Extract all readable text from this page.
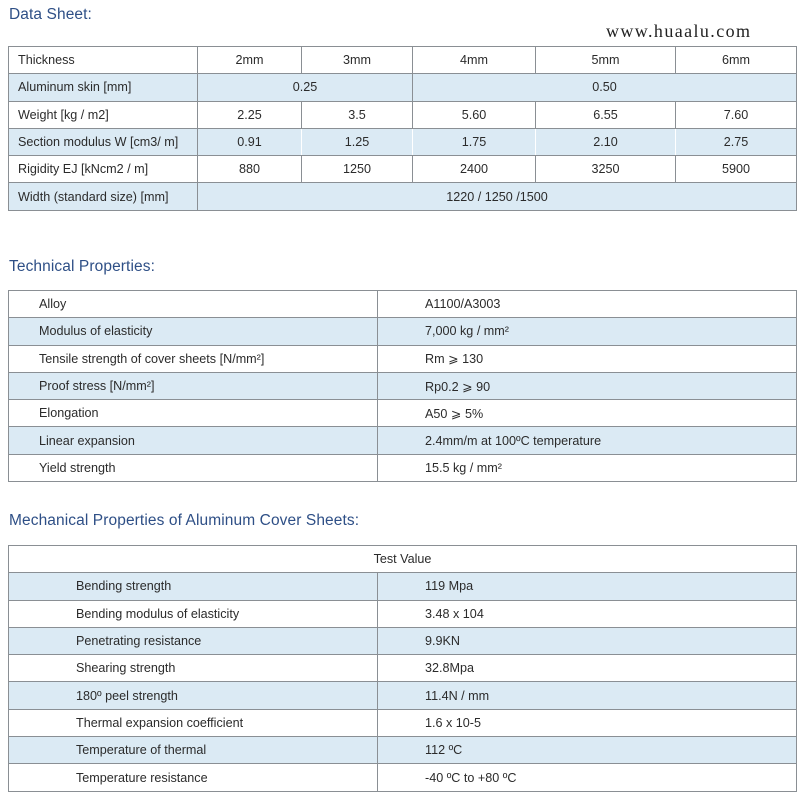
Data Sheet:
www.huaalu.com
Thickness	2mm	3mm	4mm	5mm	6mm
Aluminum skin [mm]	0.25		0.50		
Weight [kg / m2]	2.25	3.5	5.60	6.55	7.60
Section modulus W [cm3/ m]	0.91	1.25	1.75	2.10	2.75
Rigidity EJ [kNcm2 / m]	880	1250	2400	3250	5900
Width (standard size) [mm]	1220 / 1250 /1500				
Technical Properties:
Alloy	A1100/A3003
Modulus of elasticity	7,000 kg / mm²
Tensile strength of cover sheets [N/mm²]	Rm ⩾ 130
Proof stress [N/mm²]	Rp0.2 ⩾ 90
Elongation	A50 ⩾ 5%
Linear expansion	2.4mm/m at 100ºC temperature
Yield strength	15.5 kg / mm²
Mechanical Properties of Aluminum Cover Sheets:
Test Value	
Bending strength	119 Mpa
Bending modulus of elasticity	3.48 x 104
Penetrating resistance	9.9KN
Shearing strength	32.8Mpa
180º peel strength	11.4N / mm
Thermal expansion coefficient	1.6 x 10-5
Temperature of thermal	112 ºC
Temperature resistance	-40 ºC to +80 ºC
